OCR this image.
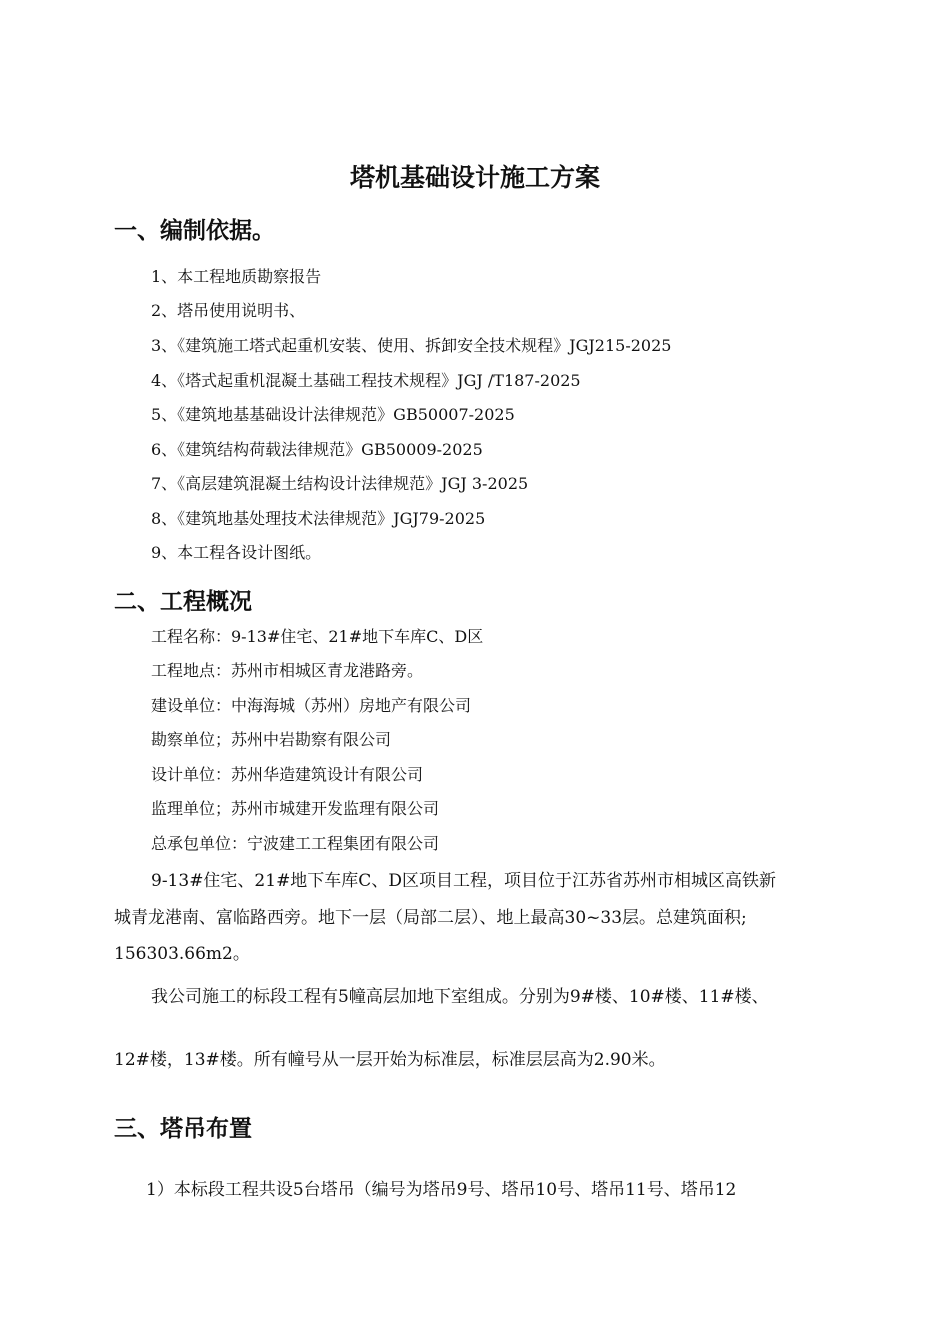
塔机基础设计施工方案
一、编制依据。
1、本工程地质勘察报告
2、塔吊使用说明书、
3、《建筑施工塔式起重机安装、使用、拆卸安全技术规程》JGJ215-2025
4、《塔式起重机混凝土基础工程技术规程》JGJ /T187-2025
5、《建筑地基基础设计法律规范》GB50007-2025
6、《建筑结构荷载法律规范》GB50009-2025
7、《高层建筑混凝土结构设计法律规范》JGJ 3-2025
8、《建筑地基处理技术法律规范》JGJ79-2025
9、本工程各设计图纸。
二、工程概况
工程名称：9-13#住宅、21#地下车库C、D区
工程地点：苏州市相城区青龙港路旁。
建设单位：中海海城（苏州）房地产有限公司
勘察单位；苏州中岩勘察有限公司
设计单位：苏州华造建筑设计有限公司
监理单位；苏州市城建开发监理有限公司
总承包单位：宁波建工工程集团有限公司
9-13#住宅、21#地下车库C、D区项目工程，项目位于江苏省苏州市相城区高铁新
城青龙港南、富临路西旁。地下一层（局部二层）、地上最高30~33层。总建筑面积;
156303.66m2。
我公司施工的标段工程有5幢高层加地下室组成。分别为9#楼、10#楼、11#楼、
12#楼，13#楼。所有幢号从一层开始为标准层，标准层层高为2.90米。
三、塔吊布置
1）本标段工程共设5台塔吊（编号为塔吊9号、塔吊10号、塔吊11号、塔吊12
